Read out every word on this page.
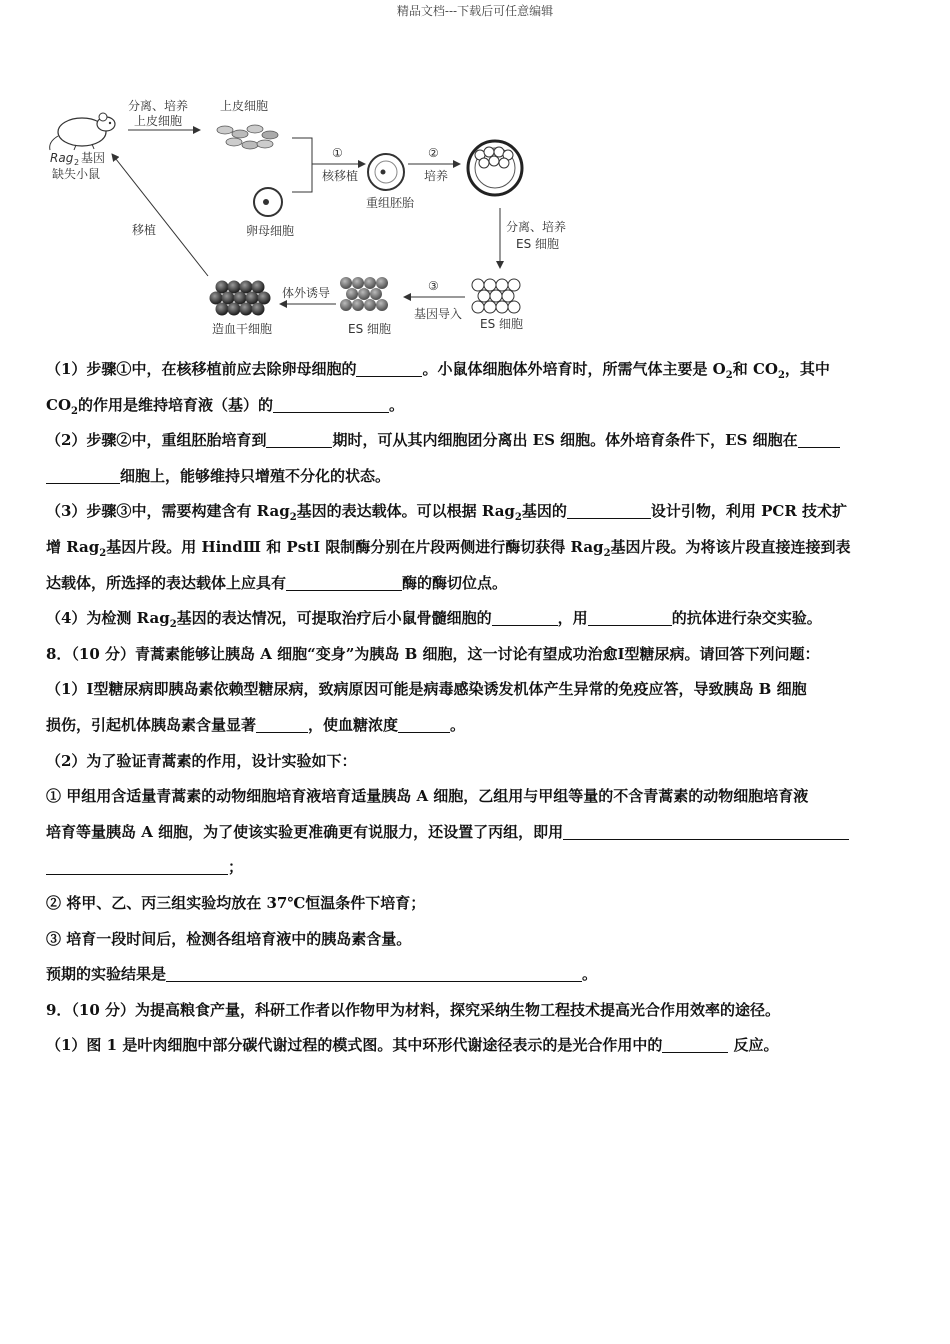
精品文档---下载后可任意编辑
Rag 2 基因
缺失小鼠
分离、培养
上皮细胞
上皮细胞
卵母细胞
①
核移植
重组胚胎
②
培养
分离、培养
ES 细胞
ES 细胞
③
基因导入
ES 细胞
体外诱导
造血干细胞
移植
（1）步骤①中，在核移植前应去除卵母细胞的	。小鼠体细胞体外培育时，所需气体主要是 $O_2$和 $CO_2$，其中
$CO_2$的作用是维持培育液（基）的	。
（2）步骤②中，重组胚胎培育到	期时，可从其内细胞团分离出 ES 细胞。体外培育条件下，ES 细胞在
细胞上，能够维持只增殖不分化的状态。
（3）步骤③中，需要构建含有 Rag$_2$基因的表达载体。可以根据 Rag$_2$基因的	设计引物，利用 PCR 技术扩
增 Rag$_2$基因片段。用 HindⅢ 和 PstⅠ 限制酶分别在片段两侧进行酶切获得 Rag$_2$基因片段。为将该片段直接连接到表
达载体，所选择的表达载体上应具有	酶的酶切位点。
（4）为检测 Rag$_2$基因的表达情况，可提取治疗后小鼠骨髓细胞的	，用	的抗体进行杂交实验。
8．（10 分）青蒿素能够让胰岛 A 细胞“变身”为胰岛 B 细胞，这一讨论有望成功治愈Ⅰ型糖尿病。请回答下列问题：
（1）Ⅰ型糖尿病即胰岛素依赖型糖尿病，致病原因可能是病毒感染诱发机体产生异常的免疫应答，导致胰岛 B 细胞
损伤，引起机体胰岛素含量显著	，使血糖浓度	。
（2）为了验证青蒿素的作用，设计实验如下：
① 甲组用含适量青蒿素的动物细胞培育液培育适量胰岛 A 细胞，乙组用与甲组等量的不含青蒿素的动物细胞培育液
培育等量胰岛 A 细胞，为了使该实验更准确更有说服力，还设置了丙组，即用
；
② 将甲、乙、丙三组实验均放在 37℃恒温条件下培育；
③ 培育一段时间后，检测各组培育液中的胰岛素含量。
预期的实验结果是	。
9．（10 分）为提高粮食产量，科研工作者以作物甲为材料，探究采纳生物工程技术提高光合作用效率的途径。
（1）图 1 是叶肉细胞中部分碳代谢过程的模式图。其中环形代谢途径表示的是光合作用中的	反应。
